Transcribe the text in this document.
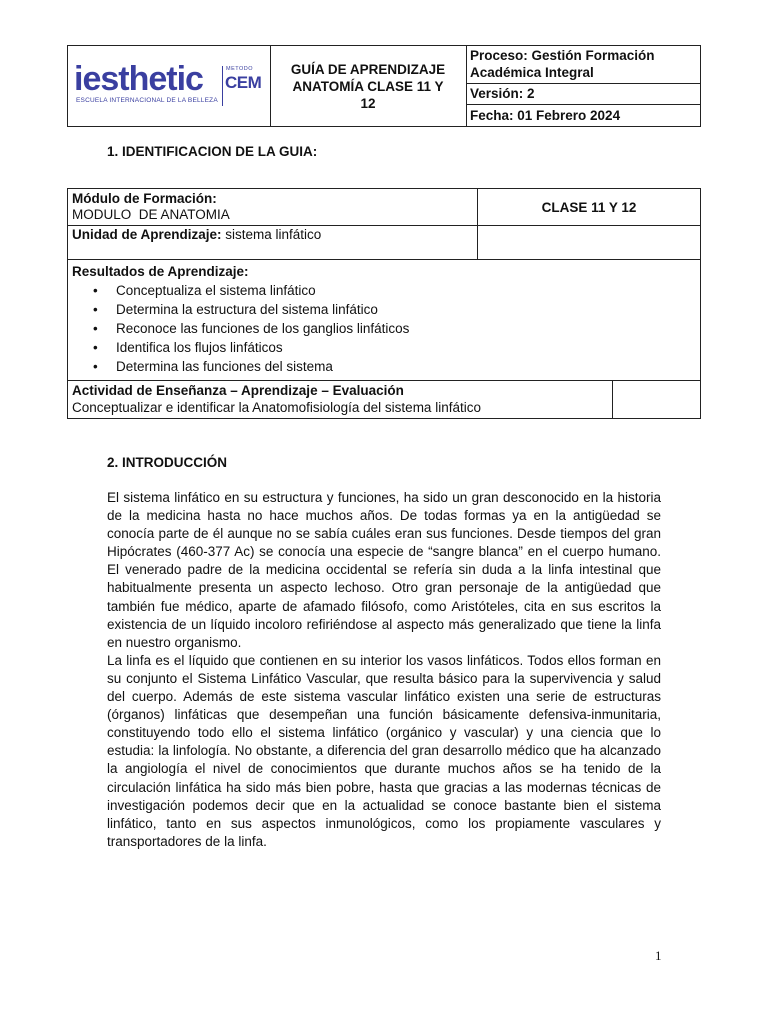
iesthetic
ESCUELA INTERNACIONAL DE LA BELLEZA
METODO
CEM
GUÍA DE APRENDIZAJE
ANATOMÍA CLASE 11 Y
12
Proceso: Gestión Formación Académica Integral
Versión: 2
Fecha: 01 Febrero 2024
1. IDENTIFICACION DE LA GUIA:
Módulo de Formación:
MODULO  DE ANATOMIA	CLASE 11 Y 12
Unidad de Aprendizaje: sistema linfático
Resultados de Aprendizaje:
• Conceptualiza el sistema linfático
• Determina la estructura del sistema linfático
• Reconoce las funciones de los ganglios linfáticos
• Identifica los flujos linfáticos
• Determina las funciones del sistema
Actividad de Enseñanza – Aprendizaje – Evaluación
Conceptualizar e identificar la Anatomofisiología del sistema linfático
2. INTRODUCCIÓN

El sistema linfático en su estructura y funciones, ha sido un gran desconocido en la historia de la medicina hasta no hace muchos años. De todas formas ya en la antigüedad se conocía parte de él aunque no se sabía cuáles eran sus funciones. Desde tiempos del gran Hipócrates (460-377 Ac) se conocía una especie de “sangre blanca” en el cuerpo humano. El venerado padre de la medicina occidental se refería sin duda a la linfa intestinal que habitualmente presenta un aspecto lechoso. Otro gran personaje de la antigüedad que también fue médico, aparte de afamado filósofo, como Aristóteles, cita en sus escritos la existencia de un líquido incoloro refiriéndose al aspecto más generalizado que tiene la linfa en nuestro organismo.

La linfa es el líquido que contienen en su interior los vasos linfáticos. Todos ellos forman en su conjunto el Sistema Linfático Vascular, que resulta básico para la supervivencia y salud del cuerpo. Además de este sistema vascular linfático existen una serie de estructuras (órganos) linfáticas que desempeñan una función básicamente defensiva-inmunitaria, constituyendo todo ello el sistema linfático (orgánico y vascular) y una ciencia que lo estudia: la linfología. No obstante, a diferencia del gran desarrollo médico que ha alcanzado la angiología el nivel de conocimientos que durante muchos años se ha tenido de la circulación linfática ha sido más bien pobre, hasta que gracias a las modernas técnicas de investigación podemos decir que en la actualidad se conoce bastante bien el sistema linfático, tanto en sus aspectos inmunológicos, como los propiamente vasculares y transportadores de la linfa.

1
